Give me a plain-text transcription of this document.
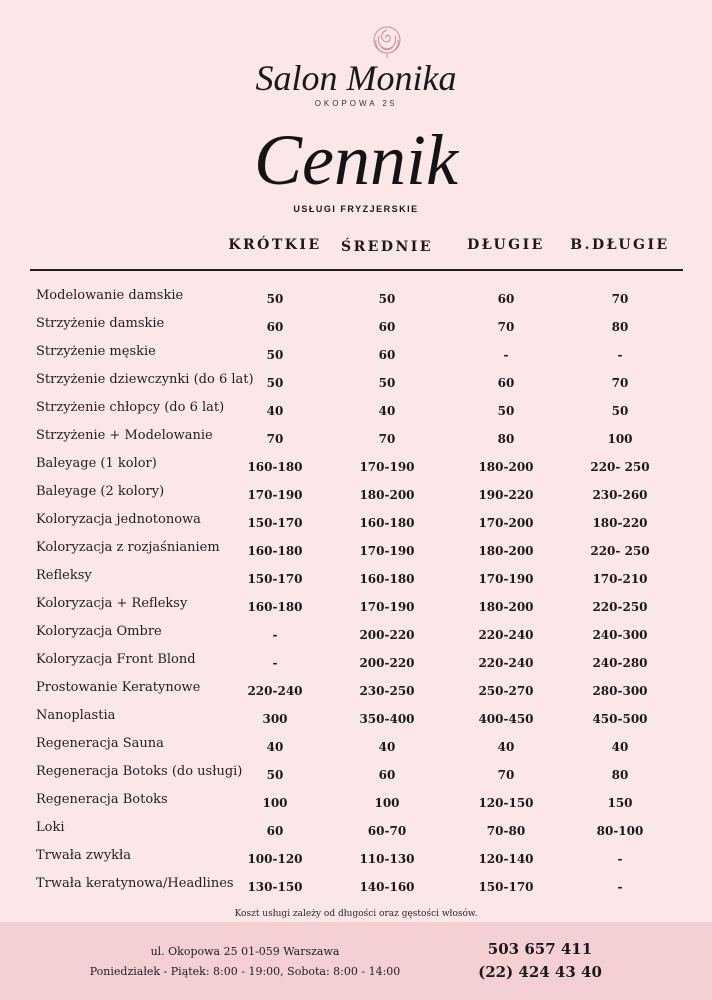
Salon Monika
OKOPOWA 25
Cennik
USŁUGI FRYZJERSKIE
KRÓTKIE	ŚREDNIE	DŁUGIE	B.DŁUGIE
Modelowanie damskie	50	50	60	70
Strzyżenie damskie	60	60	70	80
Strzyżenie męskie	50	60	-	-
Strzyżenie dziewczynki (do 6 lat)	50	50	60	70
Strzyżenie chłopcy (do 6 lat)	40	40	50	50
Strzyżenie + Modelowanie	70	70	80	100
Baleyage (1 kolor)	160-180	170-190	180-200	220- 250
Baleyage (2 kolory)	170-190	180-200	190-220	230-260
Koloryzacja jednotonowa	150-170	160-180	170-200	180-220
Koloryzacja z rozjaśnianiem	160-180	170-190	180-200	220- 250
Refleksy	150-170	160-180	170-190	170-210
Koloryzacja + Refleksy	160-180	170-190	180-200	220-250
Koloryzacja Ombre	-	200-220	220-240	240-300
Koloryzacja Front Blond	-	200-220	220-240	240-280
Prostowanie Keratynowe	220-240	230-250	250-270	280-300
Nanoplastia	300	350-400	400-450	450-500
Regeneracja Sauna	40	40	40	40
Regeneracja Botoks (do usługi)	50	60	70	80
Regeneracja Botoks	100	100	120-150	150
Loki	60	60-70	70-80	80-100
Trwała zwykła	100-120	110-130	120-140	-
Trwała keratynowa/Headlines	130-150	140-160	150-170	-
Koszt usługi zależy od długości oraz gęstości włosów.
ul. Okopowa 25 01-059 Warszawa
Poniedziałek - Piątek: 8:00 - 19:00, Sobota: 8:00 - 14:00
503 657 411
(22) 424 43 40
